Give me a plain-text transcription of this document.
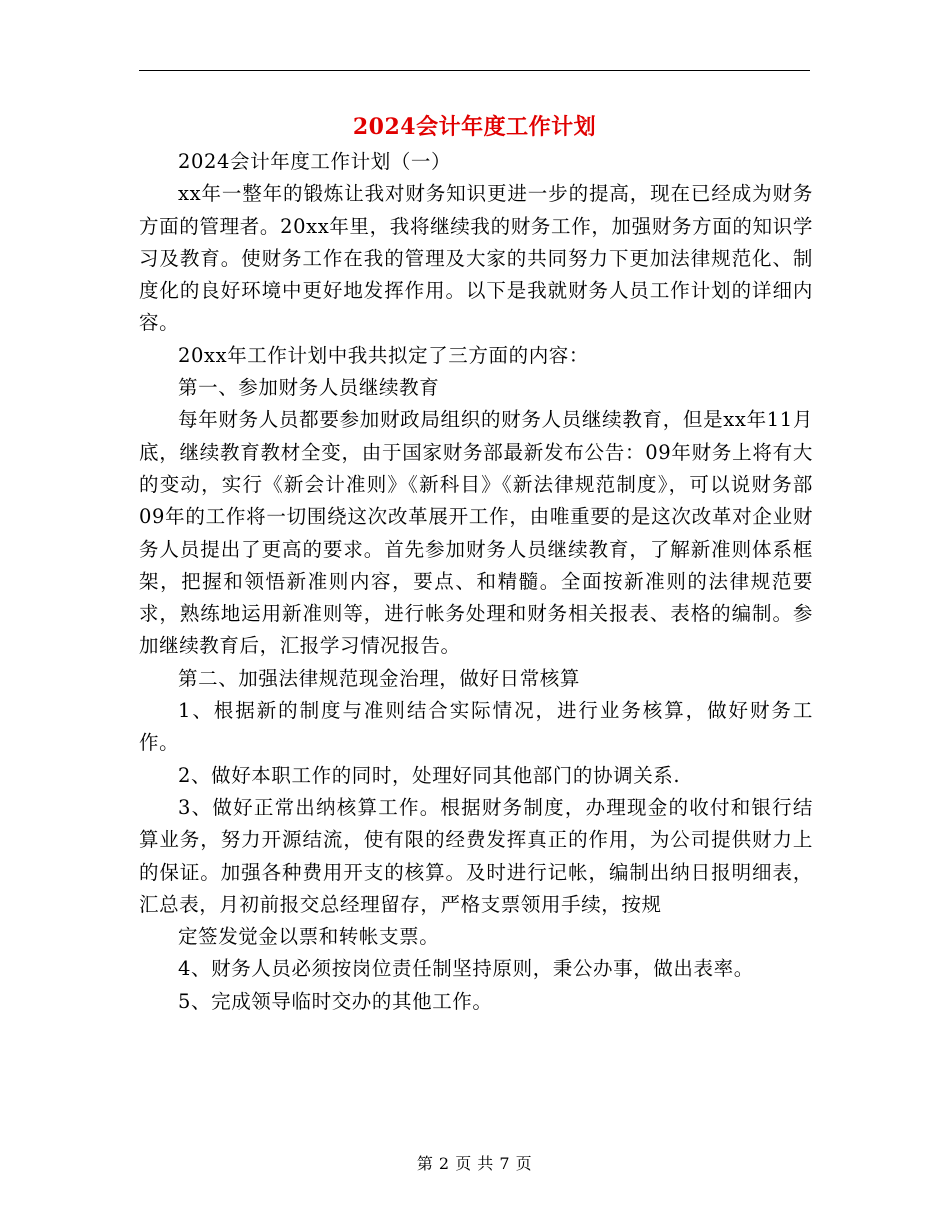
2024会计年度工作计划

2024会计年度工作计划（一）

xx年一整年的锻炼让我对财务知识更进一步的提高，现在已经成为财务方面的管理者。20xx年里，我将继续我的财务工作，加强财务方面的知识学习及教育。使财务工作在我的管理及大家的共同努力下更加法律规范化、制度化的良好环境中更好地发挥作用。以下是我就财务人员工作计划的详细内容。

20xx年工作计划中我共拟定了三方面的内容：

第一、参加财务人员继续教育

每年财务人员都要参加财政局组织的财务人员继续教育，但是xx年11月底，继续教育教材全变，由于国家财务部最新发布公告：09年财务上将有大的变动，实行《新会计准则》《新科目》《新法律规范制度》，可以说财务部09年的工作将一切围绕这次改革展开工作，由唯重要的是这次改革对企业财务人员提出了更高的要求。首先参加财务人员继续教育，了解新准则体系框架，把握和领悟新准则内容，要点、和精髓。全面按新准则的法律规范要求，熟练地运用新准则等，进行帐务处理和财务相关报表、表格的编制。参加继续教育后，汇报学习情况报告。

第二、加强法律规范现金治理，做好日常核算

1、根据新的制度与准则结合实际情况，进行业务核算，做好财务工作。

2、做好本职工作的同时，处理好同其他部门的协调关系.

3、做好正常出纳核算工作。根据财务制度，办理现金的收付和银行结算业务，努力开源结流，使有限的经费发挥真正的作用，为公司提供财力上的保证。加强各种费用开支的核算。及时进行记帐，编制出纳日报明细表，汇总表，月初前报交总经理留存，严格支票领用手续，按规

定签发觉金以票和转帐支票。

4、财务人员必须按岗位责任制坚持原则，秉公办事，做出表率。

5、完成领导临时交办的其他工作。

第 2 页 共 7 页
